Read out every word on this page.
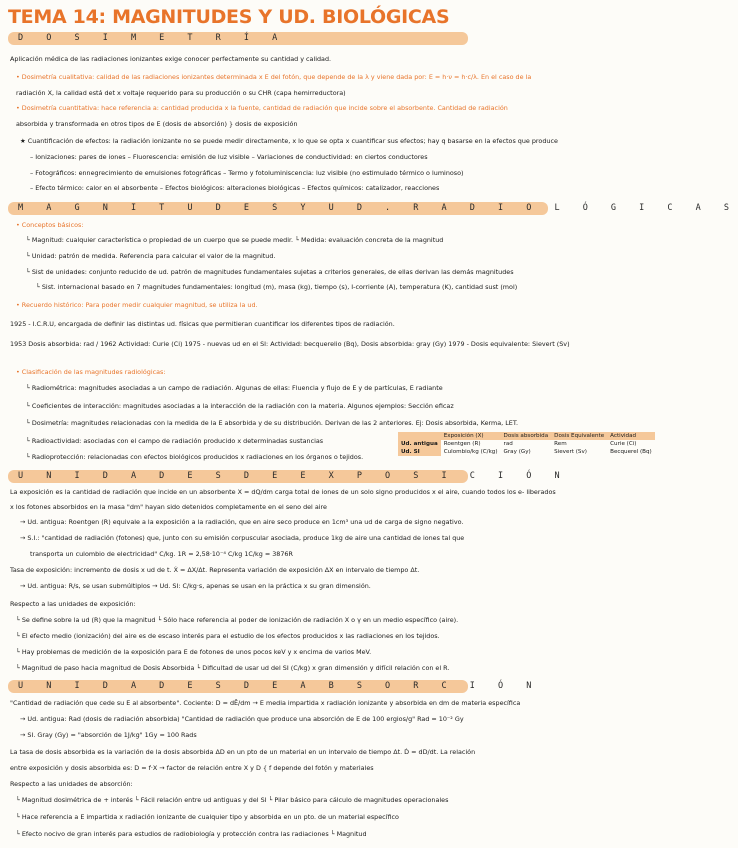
TEMA 14: MAGNITUDES Y UD. BIOLÓGICAS
D O S I M E T R Í A
Aplicación médica de las radiaciones ionizantes exige conocer perfectamente su cantidad y calidad.
• Dosimetría cualitativa: calidad de las radiaciones ionizantes determinada x E del fotón, que depende de la λ y viene dada por: E = h·ν = h·c/λ. En el caso de la
radiación X, la calidad está det x voltaje requerido para su producción o su CHR (capa hemirreductora)
• Dosimetría cuantitativa: hace referencia a: cantidad producida x la fuente, cantidad de radiación que incide sobre el absorbente. Cantidad de radiación
absorbida y transformada en otros tipos de E (dosis de absorción) } dosis de exposición
★ Cuantificación de efectos: la radiación ionizante no se puede medir directamente, x lo que se opta x cuantificar sus efectos; hay q basarse en la efectos que produce
– Ionizaciones: pares de iones – Fluorescencia: emisión de luz visible – Variaciones de conductividad: en ciertos conductores
– Fotográficos: ennegrecimiento de emulsiones fotográficas – Termo y fotoluminiscencia: luz visible (no estimulado térmico o luminoso)
– Efecto térmico: calor en el absorbente – Efectos biológicos: alteraciones biológicas – Efectos químicos: catalizador, reacciones
M A G N I T U D E S Y U D . R A D I O L Ó G I C A S
• Conceptos básicos:
└ Magnitud: cualquier característica o propiedad de un cuerpo que se puede medir. └ Medida: evaluación concreta de la magnitud
└ Unidad: patrón de medida. Referencia para calcular el valor de la magnitud.
└ Sist de unidades: conjunto reducido de ud. patrón de magnitudes fundamentales sujetas a criterios generales, de ellas derivan las demás magnitudes
└ Sist. internacional basado en 7 magnitudes fundamentales: longitud (m), masa (kg), tiempo (s), I-corriente (A), temperatura (K), cantidad sust (mol)
• Recuerdo histórico: Para poder medir cualquier magnitud, se utiliza la ud.
1925 - I.C.R.U, encargada de definir las distintas ud. físicas que permitieran cuantificar los diferentes tipos de radiación.
1953 Dosis absorbida: rad / 1962 Actividad: Curie (Ci) 1975 - nuevas ud en el SI: Actividad: becquerelio (Bq), Dosis absorbida: gray (Gy) 1979 - Dosis equivalente: Sievert (Sv)
• Clasificación de las magnitudes radiológicas:
└ Radiométrica: magnitudes asociadas a un campo de radiación. Algunas de ellas: Fluencia y flujo de E y de partículas, E radiante
└ Coeficientes de interacción: magnitudes asociadas a la interacción de la radiación con la materia. Algunos ejemplos: Sección eficaz
└ Dosimetría: magnitudes relacionadas con la medida de la E absorbida y de su distribución. Derivan de las 2 anteriores. Ej: Dosis absorbida, Kerma, LET.
└ Radioactividad: asociadas con el campo de radiación producido x determinadas sustancias
└ Radioprotección: relacionadas con efectos biológicos producidos x radiaciones en los órganos o tejidos.
	Exposición (X)	Dosis absorbida	Dosis Equivalente	Actividad
Ud. antigua	Roentgen (R)	rad	Rem	Curie (Ci)
Ud. SI	Culombio/kg (C/kg)	Gray (Gy)	Sievert (Sv)	Becquerel (Bq)
U N I D A D E S D E E X P O S I C I Ó N
La exposición es la cantidad de radiación que incide en un absorbente X = dQ/dm carga total de iones de un solo signo producidos x el aire, cuando todos los e- liberados
x los fotones absorbidos en la masa "dm" hayan sido detenidos completamente en el seno del aire
→ Ud. antigua: Roentgen (R) equivale a la exposición a la radiación, que en aire seco produce en 1cm³ una ud de carga de signo negativo.
→ S.I.: "cantidad de radiación (fotones) que, junto con su emisión corpuscular asociada, produce 1kg de aire una cantidad de iones tal que
transporta un culombio de electricidad" C/kg. 1R = 2,58·10⁻⁴ C/kg 1C/kg = 3876R
Tasa de exposición: incremento de dosis x ud de t. Ẋ = ΔX/Δt. Representa variación de exposición ΔX en intervalo de tiempo Δt.
→ Ud. antigua: R/s, se usan submúltiplos → Ud. SI: C/kg·s, apenas se usan en la práctica x su gran dimensión.
Respecto a las unidades de exposición:
└ Se define sobre la ud (R) que la magnitud └ Sólo hace referencia al poder de ionización de radiación X o γ en un medio específico (aire).
└ El efecto medio (ionización) del aire es de escaso interés para el estudio de los efectos producidos x las radiaciones en los tejidos.
└ Hay problemas de medición de la exposición para E de fotones de unos pocos keV y x encima de varios MeV.
└ Magnitud de paso hacia magnitud de Dosis Absorbida └ Dificultad de usar ud del SI (C/kg) x gran dimensión y difícil relación con el R.
U N I D A D E S D E A B S O R C I Ó N
"Cantidad de radiación que cede su E al absorbente". Cociente: D = dĒ/dm → E media impartida x radiación ionizante y absorbida en dm de materia específica
→ Ud. antigua: Rad (dosis de radiación absorbida) "Cantidad de radiación que produce una absorción de E de 100 ergios/g" Rad = 10⁻² Gy
→ SI. Gray (Gy) = "absorción de 1J/kg" 1Gy = 100 Rads
La tasa de dosis absorbida es la variación de la dosis absorbida ΔD en un pto de un material en un intervalo de tiempo Δt. Ḋ = dD/dt. La relación
entre exposición y dosis absorbida es: D = f·X → factor de relación entre X y D { f depende del fotón y materiales
Respecto a las unidades de absorción:
└ Magnitud dosimétrica de + interés └ Fácil relación entre ud antiguas y del SI └ Pilar básico para cálculo de magnitudes operacionales
└ Hace referencia a E impartida x radiación ionizante de cualquier tipo y absorbida en un pto. de un material específico
└ Efecto nocivo de gran interés para estudios de radiobiología y protección contra las radiaciones └ Magnitud
